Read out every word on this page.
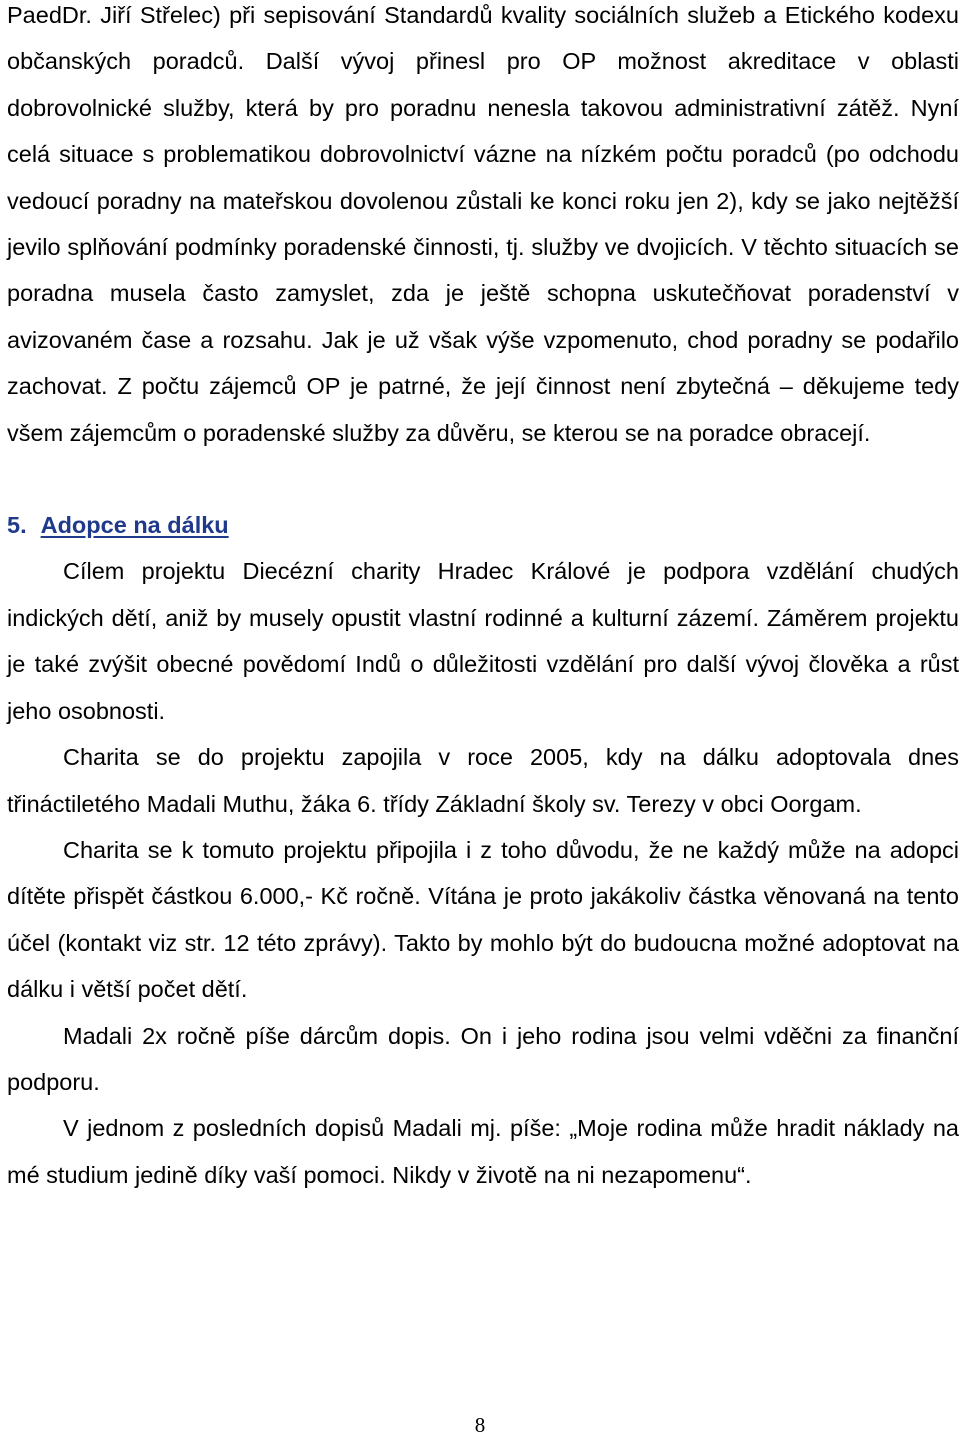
PaedDr. Jiří Střelec) při sepisování Standardů kvality sociálních služeb a Etického kodexu občanských poradců. Další vývoj přinesl pro OP možnost akreditace v oblasti dobrovolnické služby, která by pro poradnu nenesla takovou administrativní zátěž. Nyní celá situace s problematikou dobrovolnictví vázne na nízkém počtu poradců (po odchodu vedoucí poradny na mateřskou dovolenou zůstali ke konci roku jen 2), kdy se jako nejtěžší jevilo splňování podmínky poradenské činnosti, tj. služby ve dvojicích. V těchto situacích se poradna musela často zamyslet, zda je ještě schopna uskutečňovat poradenství v avizovaném čase a rozsahu. Jak je už však výše vzpomenuto, chod poradny se podařilo zachovat. Z počtu zájemců OP je patrné, že její činnost není zbytečná – děkujeme tedy všem zájemcům o poradenské služby za důvěru, se kterou se na poradce obracejí.

5. Adopce na dálku

Cílem projektu Diecézní charity Hradec Králové je podpora vzdělání chudých indických dětí, aniž by musely opustit vlastní rodinné a kulturní zázemí. Záměrem projektu je také zvýšit obecné povědomí Indů o důležitosti vzdělání pro další vývoj člověka a růst jeho osobnosti.

Charita se do projektu zapojila v roce 2005, kdy na dálku adoptovala dnes třináctiletého Madali Muthu, žáka 6. třídy Základní školy sv. Terezy v obci Oorgam.

Charita se k tomuto projektu připojila i z toho důvodu, že ne každý může na adopci dítěte přispět částkou 6.000,- Kč ročně. Vítána je proto jakákoliv částka věnovaná na tento účel (kontakt viz str. 12 této zprávy). Takto by mohlo být do budoucna možné adoptovat na dálku i větší počet dětí.

Madali 2x ročně píše dárcům dopis. On i jeho rodina jsou velmi vděčni za finanční podporu.

V jednom z posledních dopisů Madali mj. píše: „Moje rodina může hradit náklady na mé studium jedině díky vaší pomoci. Nikdy v životě na ni nezapomenu“.

8
